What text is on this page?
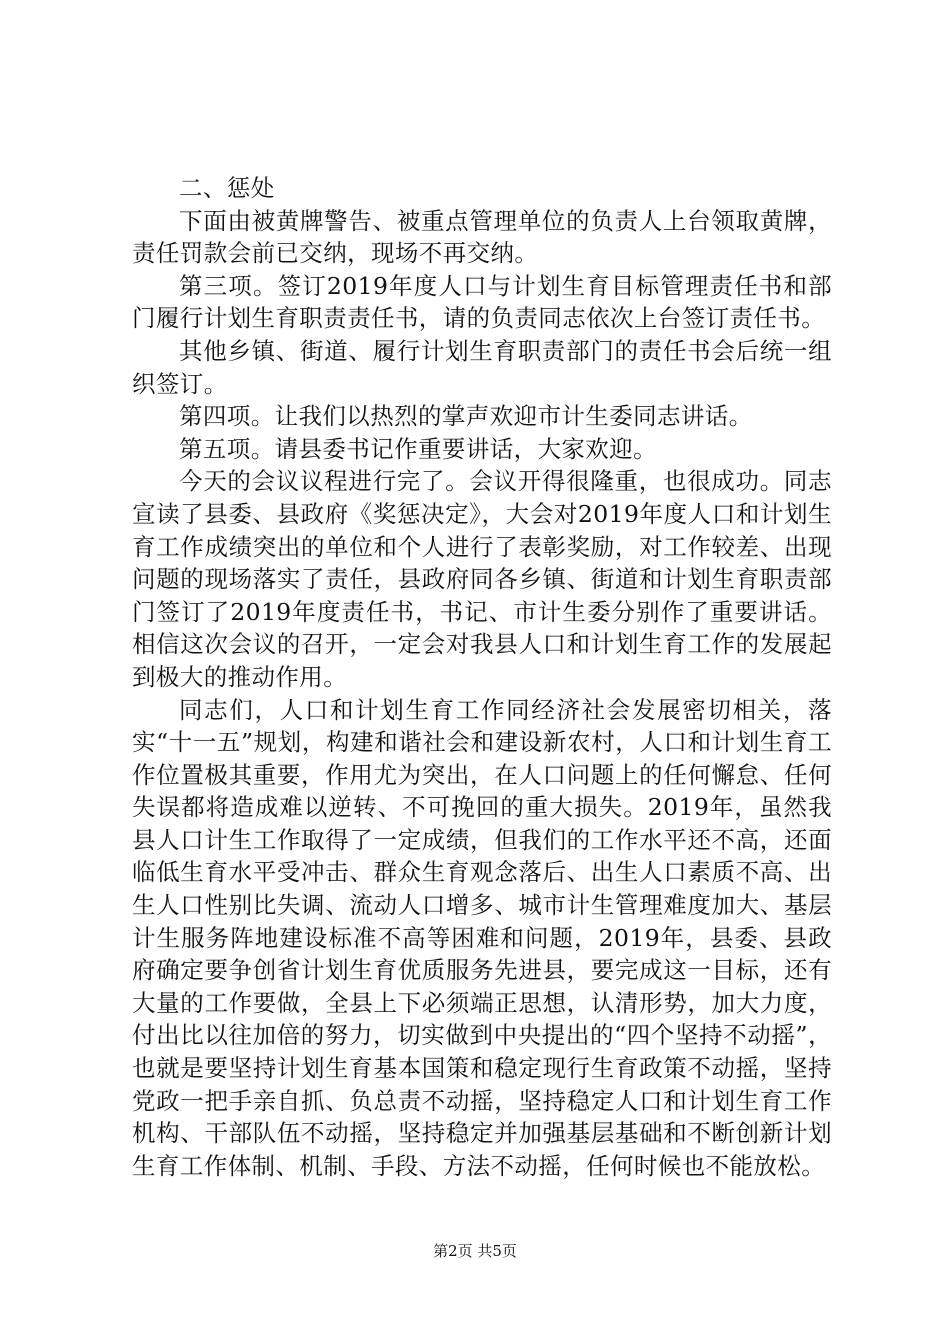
二、惩处

下面由被黄牌警告、被重点管理单位的负责人上台领取黄牌，责任罚款会前已交纳，现场不再交纳。

第三项。签订2019年度人口与计划生育目标管理责任书和部门履行计划生育职责责任书，请的负责同志依次上台签订责任书。

其他乡镇、街道、履行计划生育职责部门的责任书会后统一组织签订。

第四项。让我们以热烈的掌声欢迎市计生委同志讲话。

第五项。请县委书记作重要讲话，大家欢迎。

今天的会议议程进行完了。会议开得很隆重，也很成功。同志宣读了县委、县政府《奖惩决定》，大会对2019年度人口和计划生育工作成绩突出的单位和个人进行了表彰奖励，对工作较差、出现问题的现场落实了责任，县政府同各乡镇、街道和计划生育职责部门签订了2019年度责任书，书记、市计生委分别作了重要讲话。相信这次会议的召开，一定会对我县人口和计划生育工作的发展起到极大的推动作用。

同志们，人口和计划生育工作同经济社会发展密切相关，落实“十一五”规划，构建和谐社会和建设新农村，人口和计划生育工作位置极其重要，作用尤为突出，在人口问题上的任何懈怠、任何失误都将造成难以逆转、不可挽回的重大损失。2019年，虽然我县人口计生工作取得了一定成绩，但我们的工作水平还不高，还面临低生育水平受冲击、群众生育观念落后、出生人口素质不高、出生人口性别比失调、流动人口增多、城市计生管理难度加大、基层计生服务阵地建设标准不高等困难和问题，2019年，县委、县政府确定要争创省计划生育优质服务先进县，要完成这一目标，还有大量的工作要做，全县上下必须端正思想，认清形势，加大力度，付出比以往加倍的努力，切实做到中央提出的“四个坚持不动摇”，也就是要坚持计划生育基本国策和稳定现行生育政策不动摇，坚持党政一把手亲自抓、负总责不动摇，坚持稳定人口和计划生育工作机构、干部队伍不动摇，坚持稳定并加强基层基础和不断创新计划生育工作体制、机制、手段、方法不动摇，任何时候也不能放松。

第2页 共5页
